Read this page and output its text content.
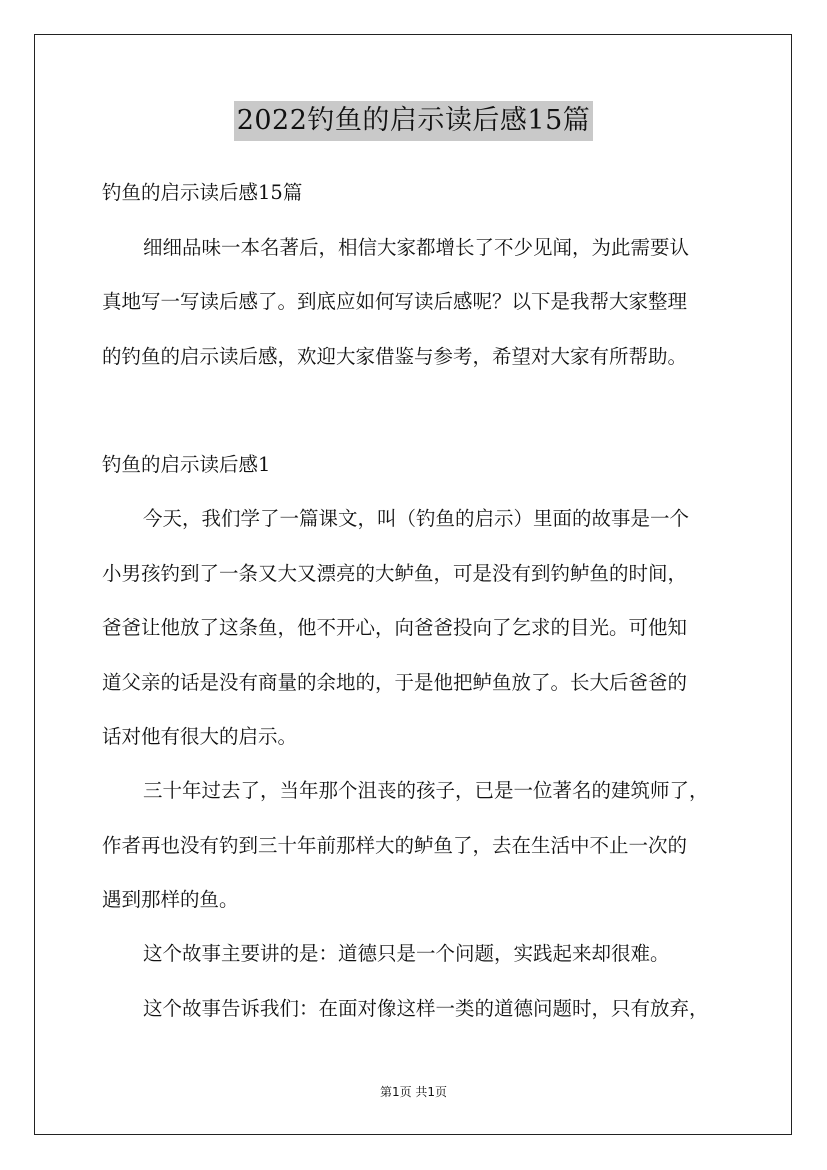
2022钓鱼的启示读后感15篇
钓鱼的启示读后感15篇
细细品味一本名著后，相信大家都增长了不少见闻，为此需要认
真地写一写读后感了。到底应如何写读后感呢？以下是我帮大家整理
的钓鱼的启示读后感，欢迎大家借鉴与参考，希望对大家有所帮助。
钓鱼的启示读后感1
今天，我们学了一篇课文，叫（钓鱼的启示）里面的故事是一个
小男孩钓到了一条又大又漂亮的大鲈鱼，可是没有到钓鲈鱼的时间，
爸爸让他放了这条鱼，他不开心，向爸爸投向了乞求的目光。可他知
道父亲的话是没有商量的余地的，于是他把鲈鱼放了。长大后爸爸的
话对他有很大的启示。
三十年过去了，当年那个沮丧的孩子，已是一位著名的建筑师了，
作者再也没有钓到三十年前那样大的鲈鱼了，去在生活中不止一次的
遇到那样的鱼。
这个故事主要讲的是：道德只是一个问题，实践起来却很难。
这个故事告诉我们：在面对像这样一类的道德问题时，只有放弃，
第1页 共1页
